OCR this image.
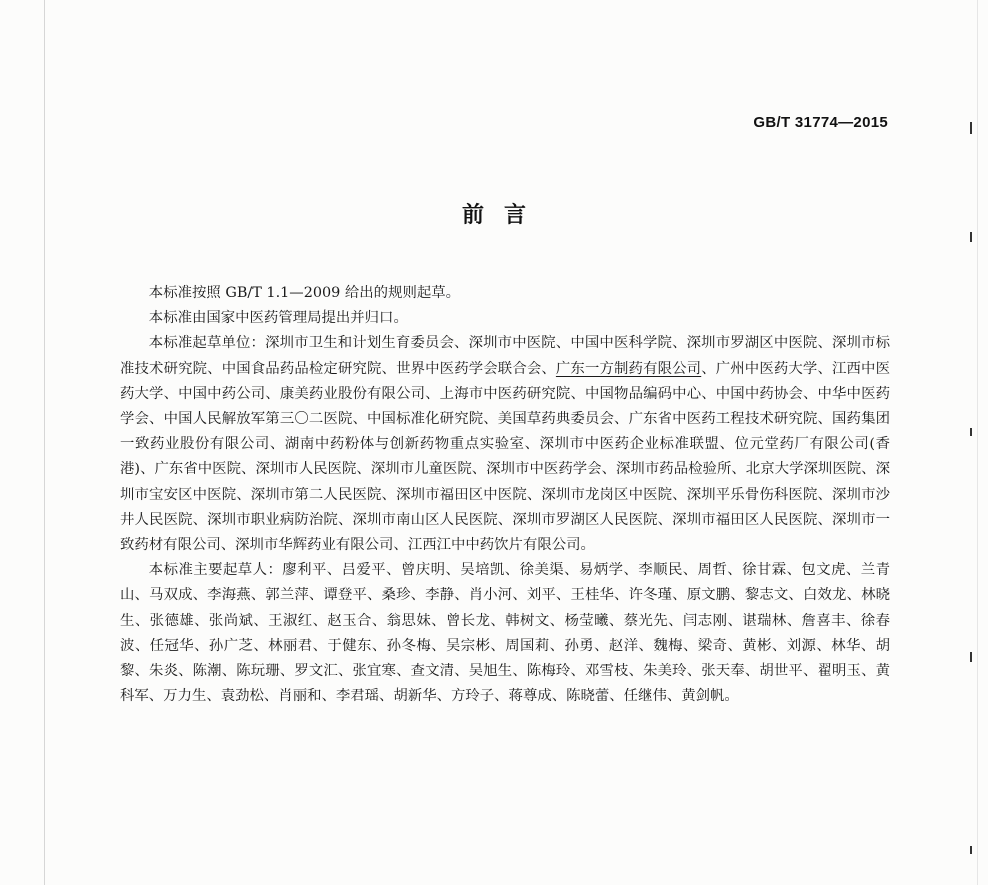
GB/T 31774—2015
前言

本标准按照 GB/T 1.1—2009 给出的规则起草。

本标准由国家中医药管理局提出并归口。

本标准起草单位：深圳市卫生和计划生育委员会、深圳市中医院、中国中医科学院、深圳市罗湖区中医院、深圳市标准技术研究院、中国食品药品检定研究院、世界中医药学会联合会、广东一方制药有限公司、广州中医药大学、江西中医药大学、中国中药公司、康美药业股份有限公司、上海市中医药研究院、中国物品编码中心、中国中药协会、中华中医药学会、中国人民解放军第三〇二医院、中国标准化研究院、美国草药典委员会、广东省中医药工程技术研究院、国药集团一致药业股份有限公司、湖南中药粉体与创新药物重点实验室、深圳市中医药企业标准联盟、位元堂药厂有限公司(香港)、广东省中医院、深圳市人民医院、深圳市儿童医院、深圳市中医药学会、深圳市药品检验所、北京大学深圳医院、深圳市宝安区中医院、深圳市第二人民医院、深圳市福田区中医院、深圳市龙岗区中医院、深圳平乐骨伤科医院、深圳市沙井人民医院、深圳市职业病防治院、深圳市南山区人民医院、深圳市罗湖区人民医院、深圳市福田区人民医院、深圳市一致药材有限公司、深圳市华辉药业有限公司、江西江中中药饮片有限公司。

本标准主要起草人：廖利平、吕爱平、曾庆明、吴培凯、徐美渠、易炳学、李顺民、周哲、徐甘霖、包文虎、兰青山、马双成、李海燕、郭兰萍、谭登平、桑珍、李静、肖小河、刘平、王桂华、许冬瑾、原文鹏、黎志文、白效龙、林晓生、张德雄、张尚斌、王淑红、赵玉合、翁思妹、曾长龙、韩树文、杨莹曦、蔡光先、闫志刚、谌瑞林、詹喜丰、徐春波、任冠华、孙广芝、林丽君、于健东、孙冬梅、吴宗彬、周国莉、孙勇、赵洋、魏梅、梁奇、黄彬、刘源、林华、胡黎、朱炎、陈潮、陈玩珊、罗文汇、张宜寒、查文清、吴旭生、陈梅玲、邓雪枝、朱美玲、张天奉、胡世平、翟明玉、黄科军、万力生、袁劲松、肖丽和、李君瑶、胡新华、方玲子、蒋尊成、陈晓蕾、任继伟、黄剑帆。
